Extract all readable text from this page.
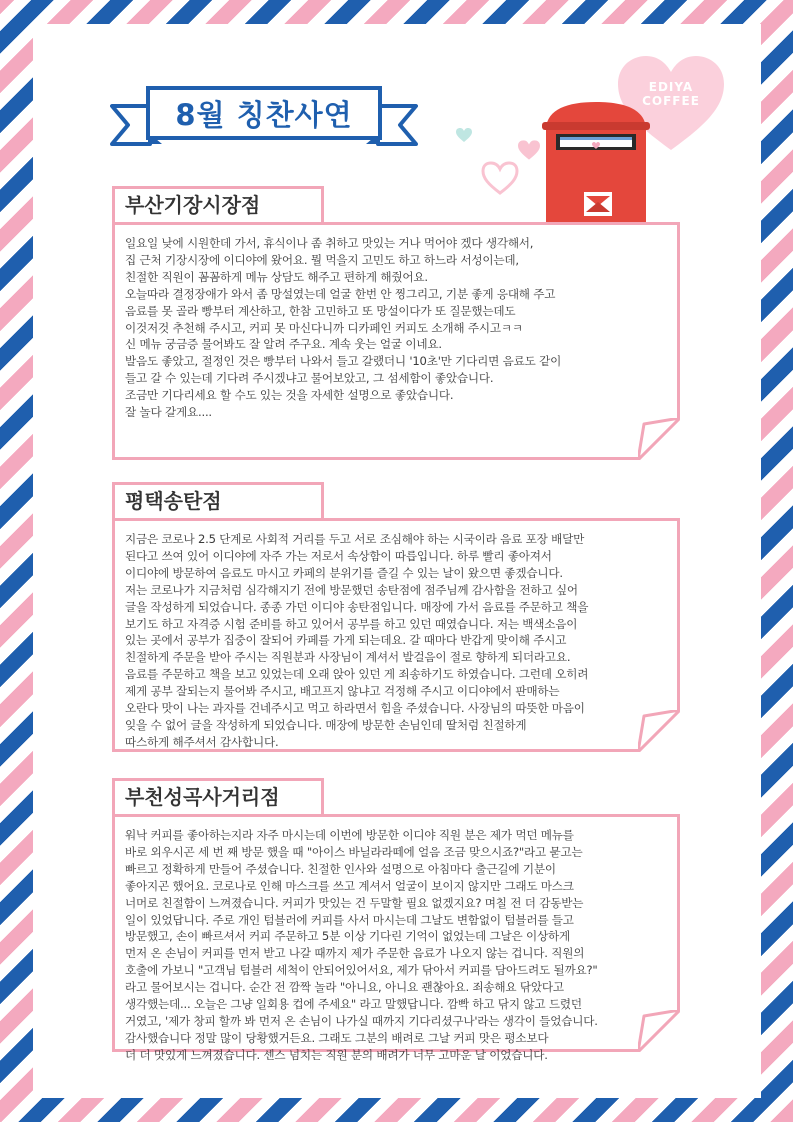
8월 칭찬사연
EDIYA
COFFEE
부산기장시장점
일요일 낮에 시원한데 가서, 휴식이나 좀 취하고 맛있는 거나 먹어야 겠다 생각해서,
집 근처 기장시장에 이디야에 왔어요. 뭘 먹을지 고민도 하고 하느라 서성이는데,
친절한 직원이 꼼꼼하게 메뉴 상담도 해주고 편하게 해줬어요.
오늘따라 결정장애가 와서 좀 망설였는데 얼굴 한번 안 찡그리고, 기분 좋게 응대해 주고
음료를 못 골라 빵부터 계산하고, 한참 고민하고 또 망설이다가 또 질문했는데도
이것저것 추천해 주시고, 커피 못 마신다니까 디카페인 커피도 소개해 주시고ㅋㅋ
신 메뉴 궁금증 물어봐도 잘 알려 주구요. 계속 웃는 얼굴 이네요.
발음도 좋았고, 절정인 것은 빵부터 나와서 들고 갈랬더니 '10초'만 기다리면 음료도 같이
들고 갈 수 있는데 기다려 주시겠냐고 물어보았고, 그 섬세함이 좋았습니다.
조금만 기다리세요 할 수도 있는 것을 자세한 설명으로 좋았습니다.
잘 놀다 갈게요....
평택송탄점
지금은 코로나 2.5 단계로 사회적 거리를 두고 서로 조심해야 하는 시국이라 음료 포장 배달만
된다고 쓰여 있어 이디야에 자주 가는 저로서 속상함이 따릅입니다. 하루 빨리 좋아져서
이디야에 방문하여 음료도 마시고 카페의 분위기를 즐길 수 있는 날이 왔으면 좋겠습니다.
저는 코로나가 지금처럼 심각해지기 전에 방문했던 송탄점에 점주님께 감사함을 전하고 싶어
글을 작성하게 되었습니다. 종종 가던 이디야 송탄점입니다. 매장에 가서 음료를 주문하고 책을
보기도 하고 자격증 시험 준비를 하고 있어서 공부를 하고 있던 때였습니다. 저는 백색소음이
있는 곳에서 공부가 집중이 잘되어 카페를 가게 되는데요. 갈 때마다 반갑게 맞이해 주시고
친절하게 주문을 받아 주시는 직원분과 사장님이 계셔서 발걸음이 절로 향하게 되더라고요.
음료를 주문하고 책을 보고 있었는데 오래 앉아 있던 게 죄송하기도 하였습니다. 그런데 오히려
제게 공부 잘되는지 물어봐 주시고, 배고프지 않냐고 걱정해 주시고 이디야에서 판매하는
오란다 맛이 나는 과자를 건네주시고 먹고 하라면서 힘을 주셨습니다. 사장님의 따뜻한 마음이
잊을 수 없어 글을 작성하게 되었습니다. 매장에 방문한 손님인데 딸처럼 친절하게
따스하게 해주셔서 감사합니다.
부천성곡사거리점
워낙 커피를 좋아하는지라 자주 마시는데 이번에 방문한 이디야 직원 분은 제가 먹던 메뉴를
바로 외우시곤 세 번 째 방문 했을 때 "아이스 바닐라라떼에 얼음 조금 맞으시죠?"라고 묻고는
빠르고 정확하게 만들어 주셨습니다. 친절한 인사와 설명으로 아침마다 출근길에 기분이
좋아지곤 했어요. 코로나로 인해 마스크를 쓰고 계셔서 얼굴이 보이지 않지만 그래도 마스크
너머로 친절함이 느껴졌습니다. 커피가 맛있는 건 두말할 필요 없겠지요? 며칠 전 더 감동받는
일이 있었답니다. 주로 개인 텀블러에 커피를 사서 마시는데 그날도 변함없이 텀블러를 들고
방문했고, 손이 빠르셔서 커피 주문하고 5분 이상 기다린 기억이 없었는데 그날은 이상하게
먼저 온 손님이 커피를 먼저 받고 나갈 때까지 제가 주문한 음료가 나오지 않는 겁니다. 직원의
호출에 가보니 "고객님 텀블러 세척이 안되어있어서요, 제가 닦아서 커피를 담아드려도 될까요?"
라고 물어보시는 겁니다. 순간 전 깜짝 놀라 "아니요, 아니요 괜찮아요. 죄송해요 닦았다고
생각했는데... 오늘은 그냥 일회용 컵에 주세요" 라고 말했답니다. 깜빡 하고 닦지 않고 드렸던
거였고, '제가 창피 할까 봐 먼저 온 손님이 나가실 때까지 기다리셨구나'라는 생각이 들었습니다.
감사했습니다 정말 많이 당황했거든요. 그래도 그분의 배려로 그날 커피 맛은 평소보다
더 더 맛있게 느껴졌습니다. 센스 넘치는 직원 분의 배려가 너무 고마운 날 이었습니다.
